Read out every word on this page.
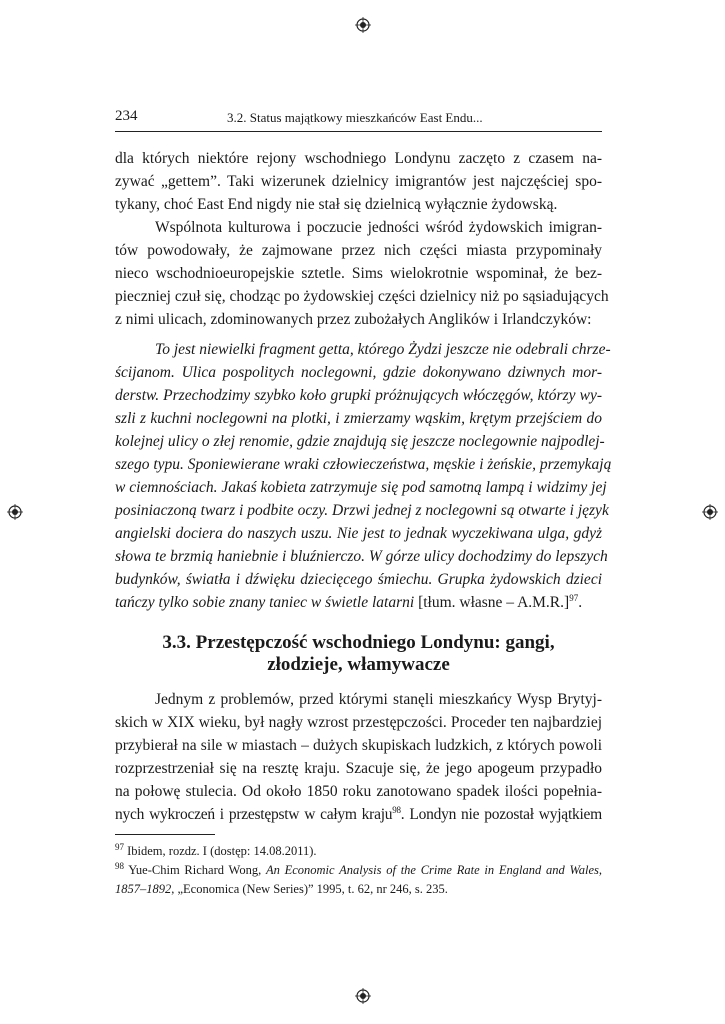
234	3.2. Status majątkowy mieszkańców East Endu...
dla których niektóre rejony wschodniego Londynu zaczęto z czasem na-
zywać „gettem”. Taki wizerunek dzielnicy imigrantów jest najczęściej spo-
tykany, choć East End nigdy nie stał się dzielnicą wyłącznie żydowską.
Wspólnota kulturowa i poczucie jedności wśród żydowskich imigran-
tów powodowały, że zajmowane przez nich części miasta przypominały
nieco wschodnioeuropejskie sztetle. Sims wielokrotnie wspominał, że bez-
pieczniej czuł się, chodząc po żydowskiej części dzielnicy niż po sąsiadujących
z nimi ulicach, zdominowanych przez zubożałych Anglików i Irlandczyków:
To jest niewielki fragment getta, którego Żydzi jeszcze nie odebrali chrze-
ścijanom. Ulica pospolitych noclegowni, gdzie dokonywano dziwnych mor-
derstw. Przechodzimy szybko koło grupki próżnujących włóczęgów, którzy wy-
szli z kuchni noclegowni na plotki, i zmierzamy wąskim, krętym przejściem do
kolejnej ulicy o złej renomie, gdzie znajdują się jeszcze noclegownie najpodlej-
szego typu. Sponiewierane wraki człowieczeństwa, męskie i żeńskie, przemykają
w ciemnościach. Jakaś kobieta zatrzymuje się pod samotną lampą i widzimy jej
posiniaczoną twarz i podbite oczy. Drzwi jednej z noclegowni są otwarte i język
angielski dociera do naszych uszu. Nie jest to jednak wyczekiwana ulga, gdyż
słowa te brzmią haniebnie i bluźnierczo. W górze ulicy dochodzimy do lepszych
budynków, światła i dźwięku dziecięcego śmiechu. Grupka żydowskich dzieci
tańczy tylko sobie znany taniec w świetle latarni [tłum. własne – A.M.R.]$^{97}$.
3.3. Przestępczość wschodniego Londynu: gangi,
złodzieje, włamywacze
Jednym z problemów, przed którymi stanęli mieszkańcy Wysp Brytyj-
skich w XIX wieku, był nagły wzrost przestępczości. Proceder ten najbardziej
przybierał na sile w miastach – dużych skupiskach ludzkich, z których powoli
rozprzestrzeniał się na resztę kraju. Szacuje się, że jego apogeum przypadło
na połowę stulecia. Od około 1850 roku zanotowano spadek ilości popełnia-
nych wykroczeń i przestępstw w całym kraju$^{98}$. Londyn nie pozostał wyjątkiem
$^{97}$ Ibidem, rozdz. I (dostęp: 14.08.2011).
$^{98}$ Yue-Chim Richard Wong, An Economic Analysis of the Crime Rate in England and Wales,
1857–1892, „Economica (New Series)” 1995, t. 62, nr 246, s. 235.
